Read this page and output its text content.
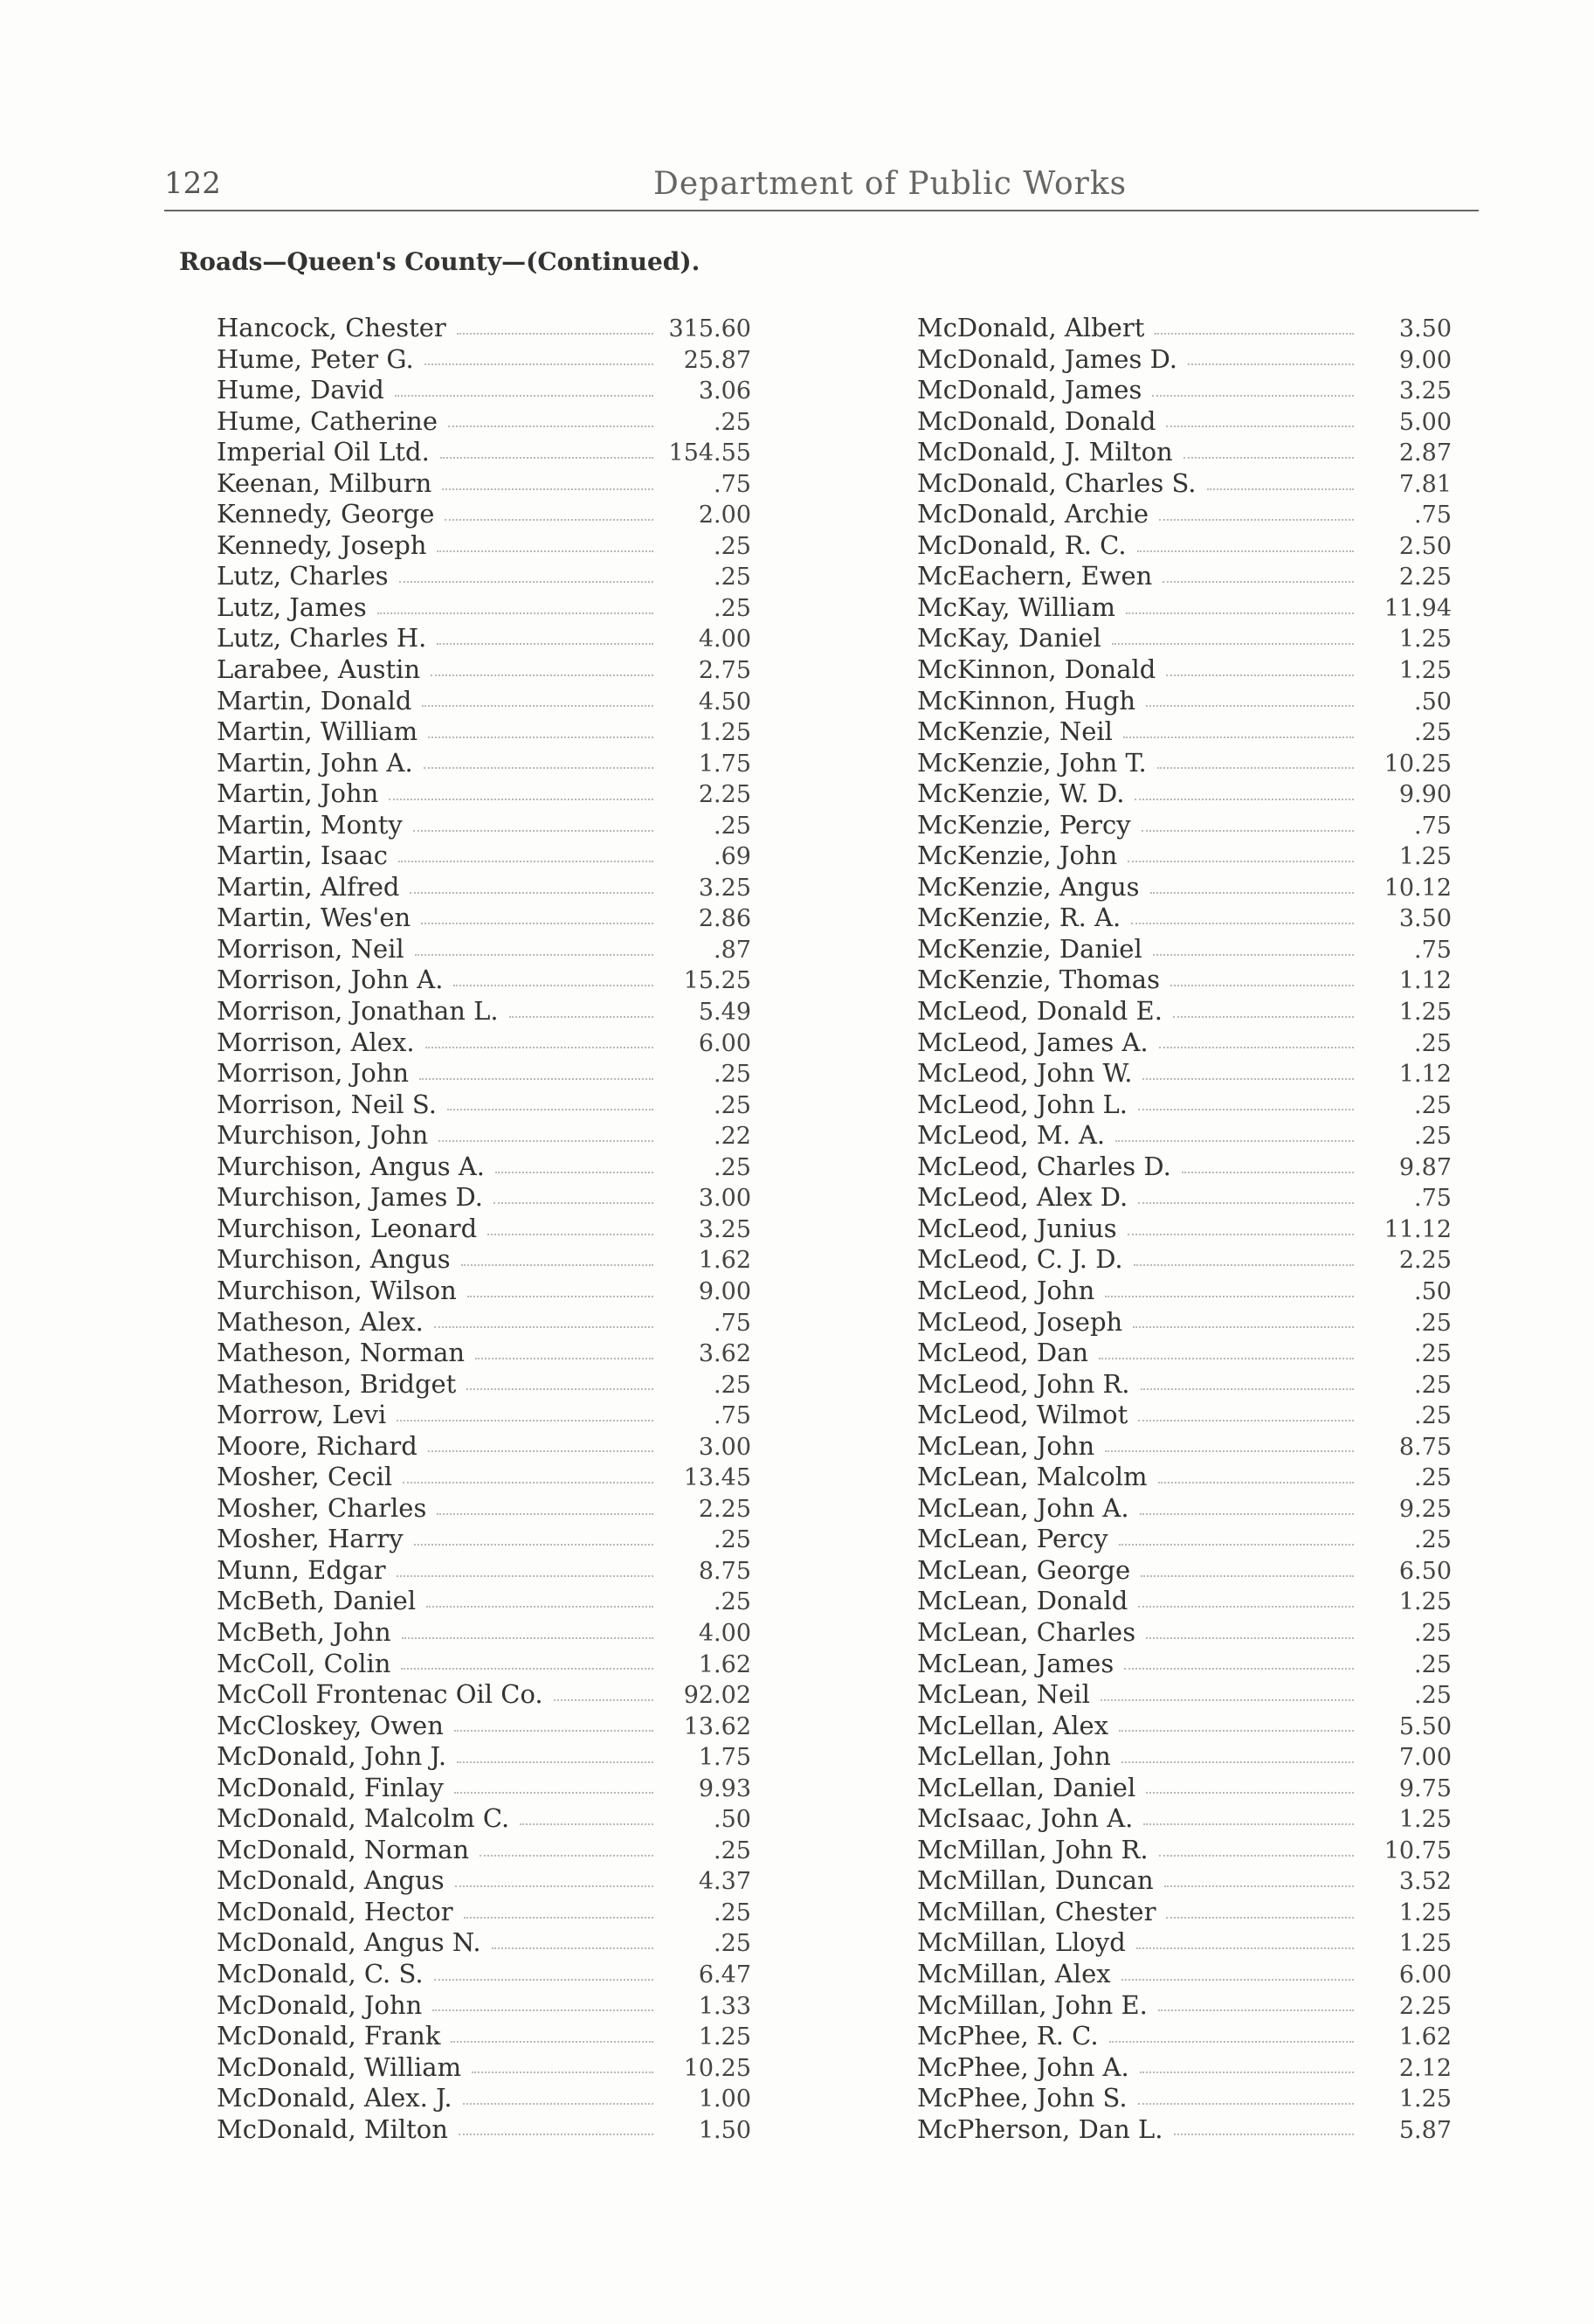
122	Department of Public Works
Roads—Queen's County—(Continued).
Hancock, Chester	315.60
Hume, Peter G.	25.87
Hume, David	3.06
Hume, Catherine	.25
Imperial Oil Ltd.	154.55
Keenan, Milburn	.75
Kennedy, George	2.00
Kennedy, Joseph	.25
Lutz, Charles	.25
Lutz, James	.25
Lutz, Charles H.	4.00
Larabee, Austin	2.75
Martin, Donald	4.50
Martin, William	1.25
Martin, John A.	1.75
Martin, John	2.25
Martin, Monty	.25
Martin, Isaac	.69
Martin, Alfred	3.25
Martin, Wes'en	2.86
Morrison, Neil	.87
Morrison, John A.	15.25
Morrison, Jonathan L.	5.49
Morrison, Alex.	6.00
Morrison, John	.25
Morrison, Neil S.	.25
Murchison, John	.22
Murchison, Angus A.	.25
Murchison, James D.	3.00
Murchison, Leonard	3.25
Murchison, Angus	1.62
Murchison, Wilson	9.00
Matheson, Alex.	.75
Matheson, Norman	3.62
Matheson, Bridget	.25
Morrow, Levi	.75
Moore, Richard	3.00
Mosher, Cecil	13.45
Mosher, Charles	2.25
Mosher, Harry	.25
Munn, Edgar	8.75
McBeth, Daniel	.25
McBeth, John	4.00
McColl, Colin	1.62
McColl Frontenac Oil Co.	92.02
McCloskey, Owen	13.62
McDonald, John J.	1.75
McDonald, Finlay	9.93
McDonald, Malcolm C.	.50
McDonald, Norman	.25
McDonald, Angus	4.37
McDonald, Hector	.25
McDonald, Angus N.	.25
McDonald, C. S.	6.47
McDonald, John	1.33
McDonald, Frank	1.25
McDonald, William	10.25
McDonald, Alex. J.	1.00
McDonald, Milton	1.50
McDonald, Albert	3.50
McDonald, James D.	9.00
McDonald, James	3.25
McDonald, Donald	5.00
McDonald, J. Milton	2.87
McDonald, Charles S.	7.81
McDonald, Archie	.75
McDonald, R. C.	2.50
McEachern, Ewen	2.25
McKay, William	11.94
McKay, Daniel	1.25
McKinnon, Donald	1.25
McKinnon, Hugh	.50
McKenzie, Neil	.25
McKenzie, John T.	10.25
McKenzie, W. D.	9.90
McKenzie, Percy	.75
McKenzie, John	1.25
McKenzie, Angus	10.12
McKenzie, R. A.	3.50
McKenzie, Daniel	.75
McKenzie, Thomas	1.12
McLeod, Donald E.	1.25
McLeod, James A.	.25
McLeod, John W.	1.12
McLeod, John L.	.25
McLeod, M. A.	.25
McLeod, Charles D.	9.87
McLeod, Alex D.	.75
McLeod, Junius	11.12
McLeod, C. J. D.	2.25
McLeod, John	.50
McLeod, Joseph	.25
McLeod, Dan	.25
McLeod, John R.	.25
McLeod, Wilmot	.25
McLean, John	8.75
McLean, Malcolm	.25
McLean, John A.	9.25
McLean, Percy	.25
McLean, George	6.50
McLean, Donald	1.25
McLean, Charles	.25
McLean, James	.25
McLean, Neil	.25
McLellan, Alex	5.50
McLellan, John	7.00
McLellan, Daniel	9.75
McIsaac, John A.	1.25
McMillan, John R.	10.75
McMillan, Duncan	3.52
McMillan, Chester	1.25
McMillan, Lloyd	1.25
McMillan, Alex	6.00
McMillan, John E.	2.25
McPhee, R. C.	1.62
McPhee, John A.	2.12
McPhee, John S.	1.25
McPherson, Dan L.	5.87
